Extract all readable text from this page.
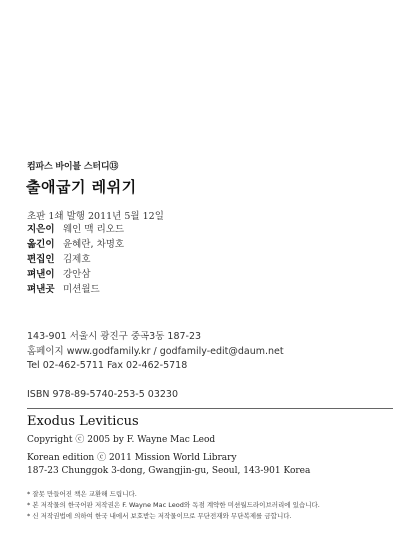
컴파스 바이블 스터디⑬
출애굽기 레위기
초판 1쇄 발행 2011년 5월 12일
지은이 웨인 맥 리오드
옮긴이 윤혜란, 차명호
편집인 김제호
펴낸이 강안삼
펴낸곳 미션월드
143-901 서울시 광진구 중곡3동 187-23
홈페이지 www.godfamily.kr / godfamily-edit@daum.net
Tel 02-462-5711 Fax 02-462-5718
ISBN 978-89-5740-253-5 03230
Exodus Leviticus
Copyright ⓒ 2005 by F. Wayne Mac Leod
Korean edition ⓒ 2011 Mission World Library
187-23 Chunggok 3-dong, Gwangjin-gu, Seoul, 143-901 Korea
* 잘못 만들어진 책은 교환해 드립니다.
* 본 저작물의 한국어판 저작권은 F. Wayne Mac Leod와 독점 계약한 미션월드라이브러리에 있습니다.
* 신 저작권법에 의하여 한국 내에서 보호받는 저작물이므로 무단전재와 무단복제를 금합니다.
